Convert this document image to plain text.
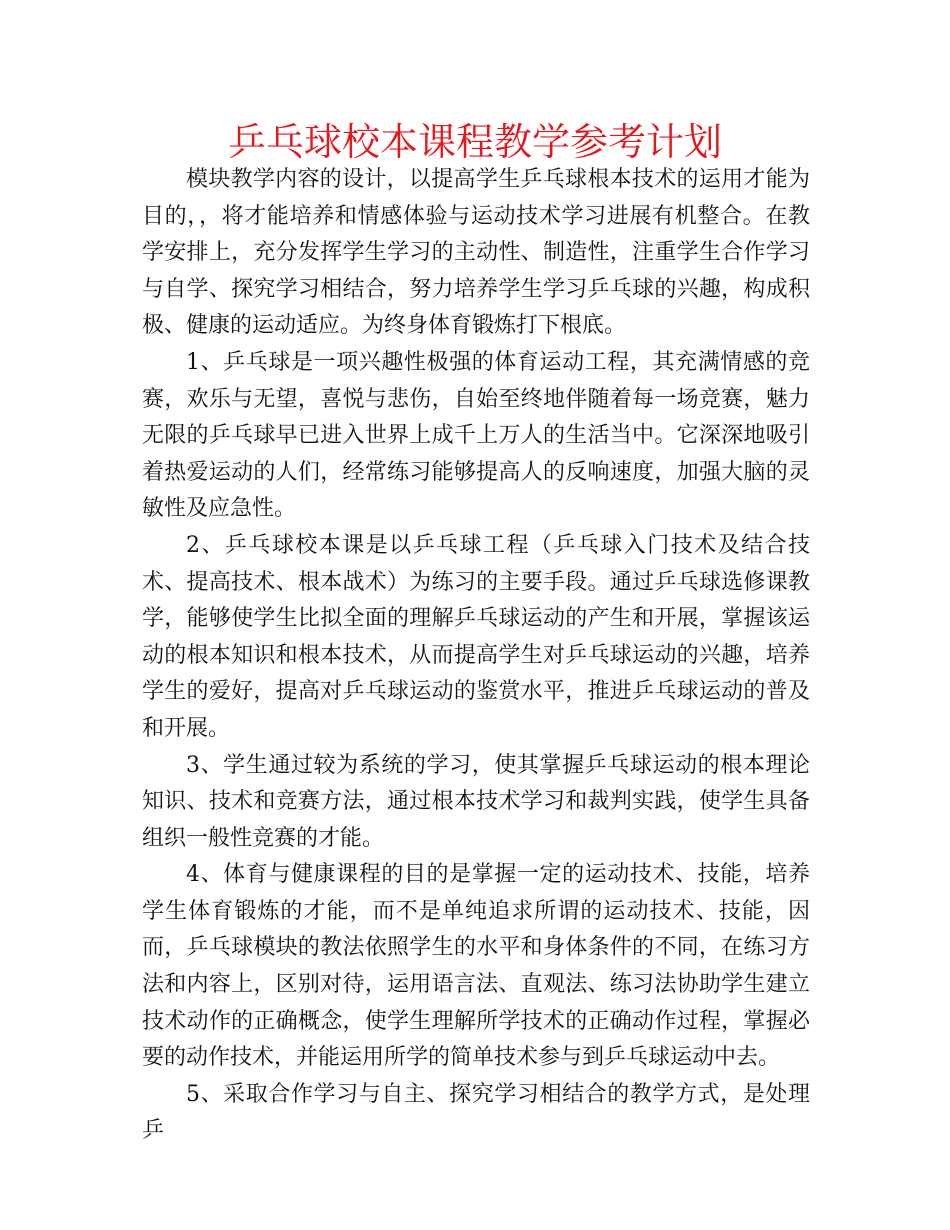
乒乓球校本课程教学参考计划

模块教学内容的设计，以提高学生乒乓球根本技术的运用才能为目的，，将才能培养和情感体验与运动技术学习进展有机整合。在教学安排上，充分发挥学生学习的主动性、制造性，注重学生合作学习与自学、探究学习相结合，努力培养学生学习乒乓球的兴趣，构成积极、健康的运动适应。为终身体育锻炼打下根底。

1、乒乓球是一项兴趣性极强的体育运动工程，其充满情感的竞赛，欢乐与无望，喜悦与悲伤，自始至终地伴随着每一场竞赛，魅力无限的乒乓球早已进入世界上成千上万人的生活当中。它深深地吸引着热爱运动的人们，经常练习能够提高人的反响速度，加强大脑的灵敏性及应急性。

2、乒乓球校本课是以乒乓球工程（乒乓球入门技术及结合技术、提高技术、根本战术）为练习的主要手段。通过乒乓球选修课教学，能够使学生比拟全面的理解乒乓球运动的产生和开展，掌握该运动的根本知识和根本技术，从而提高学生对乒乓球运动的兴趣，培养学生的爱好，提高对乒乓球运动的鉴赏水平，推进乒乓球运动的普及和开展。

3、学生通过较为系统的学习，使其掌握乒乓球运动的根本理论知识、技术和竞赛方法，通过根本技术学习和裁判实践，使学生具备组织一般性竞赛的才能。

4、体育与健康课程的目的是掌握一定的运动技术、技能，培养学生体育锻炼的才能，而不是单纯追求所谓的运动技术、技能，因而，乒乓球模块的教法依照学生的水平和身体条件的不同，在练习方法和内容上，区别对待，运用语言法、直观法、练习法协助学生建立技术动作的正确概念，使学生理解所学技术的正确动作过程，掌握必要的动作技术，并能运用所学的简单技术参与到乒乓球运动中去。

5、采取合作学习与自主、探究学习相结合的教学方式，是处理乒
